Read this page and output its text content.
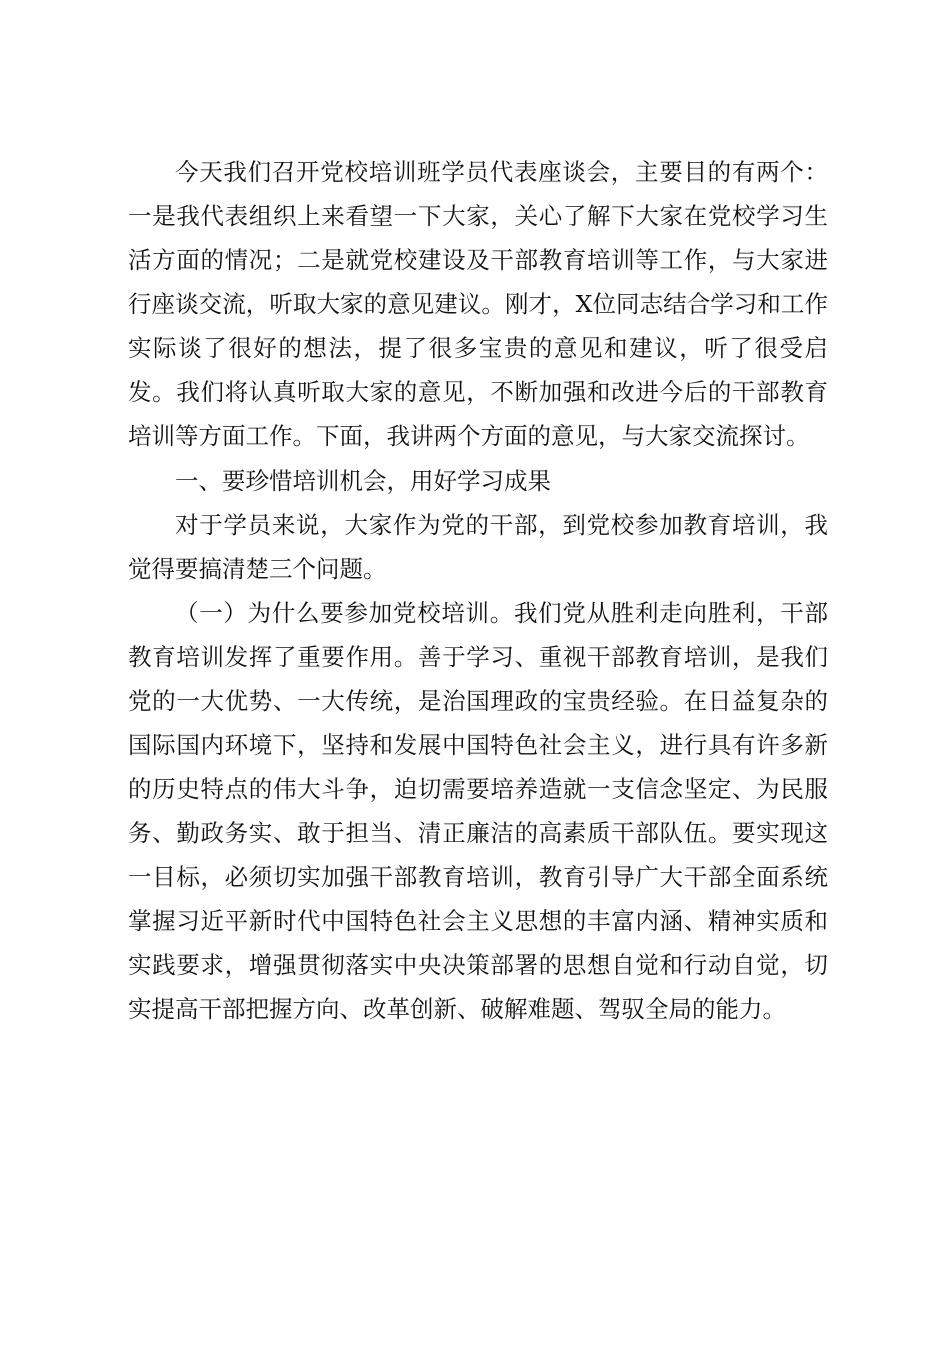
今天我们召开党校培训班学员代表座谈会，主要目的有两个：一是我代表组织上来看望一下大家，关心了解下大家在党校学习生活方面的情况；二是就党校建设及干部教育培训等工作，与大家进行座谈交流，听取大家的意见建议。刚才，X位同志结合学习和工作实际谈了很好的想法，提了很多宝贵的意见和建议，听了很受启发。我们将认真听取大家的意见，不断加强和改进今后的干部教育培训等方面工作。下面，我讲两个方面的意见，与大家交流探讨。

一、要珍惜培训机会，用好学习成果

对于学员来说，大家作为党的干部，到党校参加教育培训，我觉得要搞清楚三个问题。

（一）为什么要参加党校培训。我们党从胜利走向胜利，干部教育培训发挥了重要作用。善于学习、重视干部教育培训，是我们党的一大优势、一大传统，是治国理政的宝贵经验。在日益复杂的国际国内环境下，坚持和发展中国特色社会主义，进行具有许多新的历史特点的伟大斗争，迫切需要培养造就一支信念坚定、为民服务、勤政务实、敢于担当、清正廉洁的高素质干部队伍。要实现这一目标，必须切实加强干部教育培训，教育引导广大干部全面系统掌握习近平新时代中国特色社会主义思想的丰富内涵、精神实质和实践要求，增强贯彻落实中央决策部署的思想自觉和行动自觉，切实提高干部把握方向、改革创新、破解难题、驾驭全局的能力。
